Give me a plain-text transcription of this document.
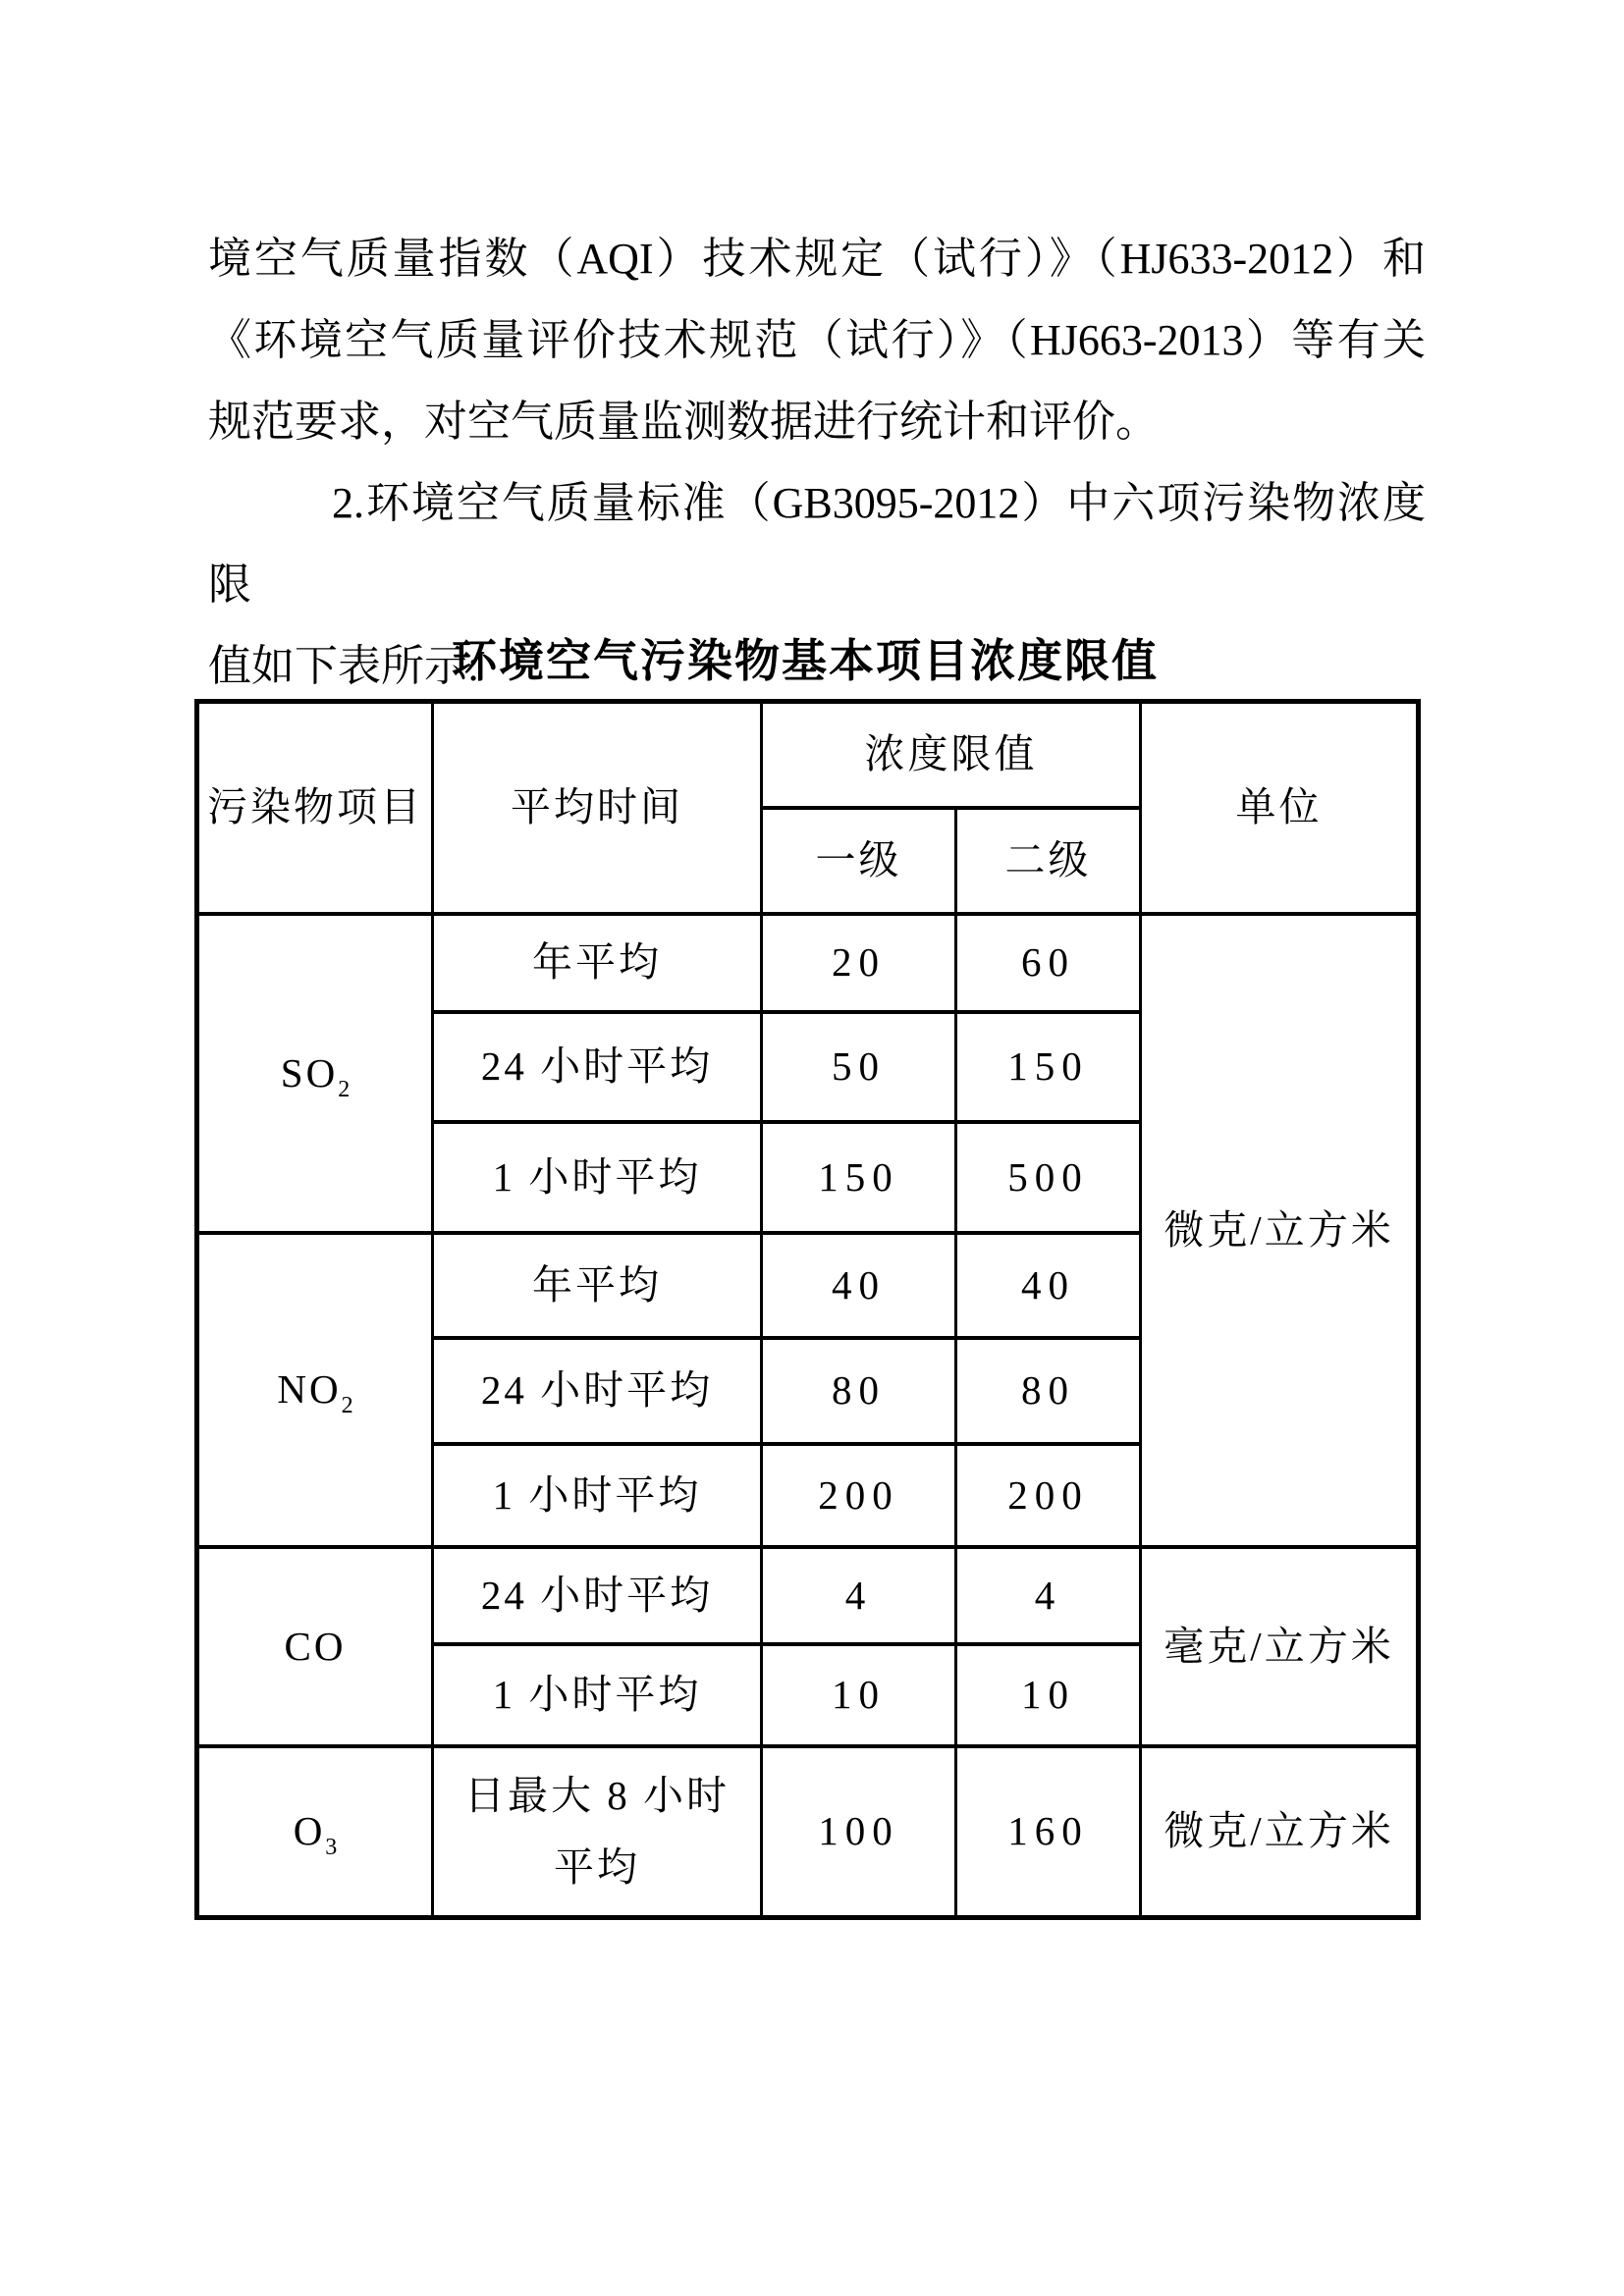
境空气质量指数（AQI）技术规定（试行）》（HJ633-2012）和
《环境空气质量评价技术规范（试行）》（HJ663-2013）等有关
规范要求，对空气质量监测数据进行统计和评价。
2.环境空气质量标准（GB3095-2012）中六项污染物浓度限
值如下表所示:
环境空气污染物基本项目浓度限值
污染物项目	平均时间	浓度限值		单位
		一级	二级	
$SO_2$	年平均	20	60	微克/立方米
	24 小时平均	50	150	
	1 小时平均	150	500	
$NO_2$	年平均	40	40	
	24 小时平均	80	80	
	1 小时平均	200	200	
CO	24 小时平均	4	4	毫克/立方米
	1 小时平均	10	10	
$O_3$	日最大 8 小时平均	100	160	微克/立方米
